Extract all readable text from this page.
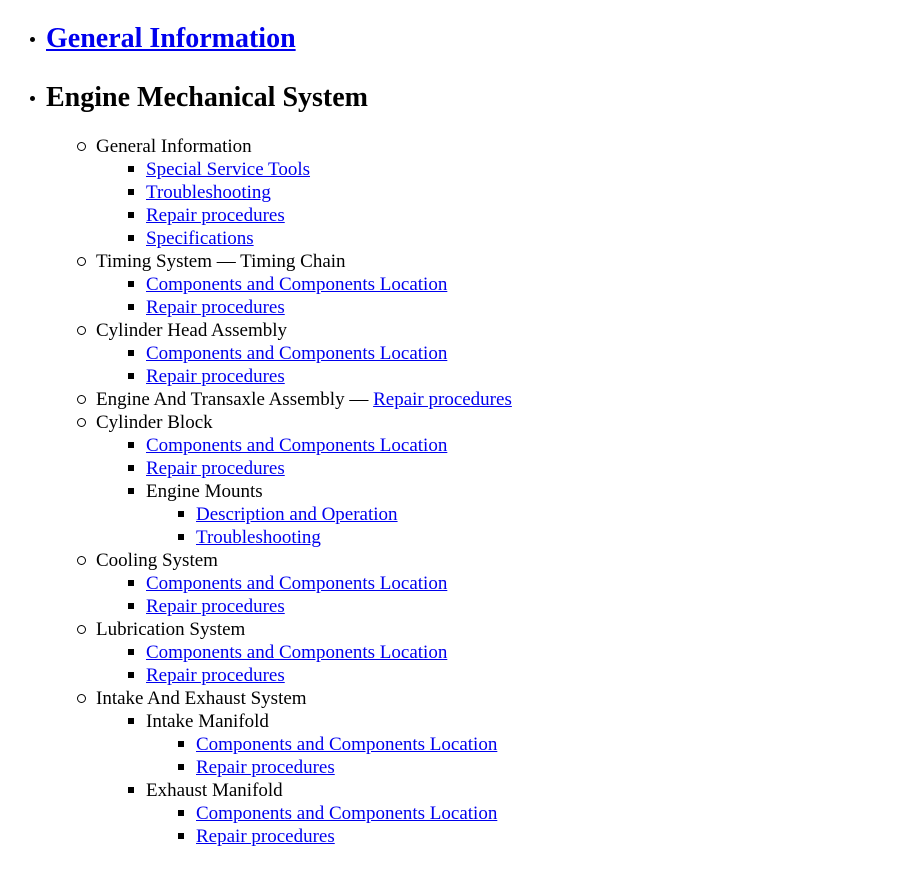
General Information
Engine Mechanical System
General Information
Special Service Tools
Troubleshooting
Repair procedures
Specifications
Timing System — Timing Chain
Components and Components Location
Repair procedures
Cylinder Head Assembly
Components and Components Location
Repair procedures
Engine And Transaxle Assembly — Repair procedures
Cylinder Block
Components and Components Location
Repair procedures
Engine Mounts
Description and Operation
Troubleshooting
Cooling System
Components and Components Location
Repair procedures
Lubrication System
Components and Components Location
Repair procedures
Intake And Exhaust System
Intake Manifold
Components and Components Location
Repair procedures
Exhaust Manifold
Components and Components Location
Repair procedures
